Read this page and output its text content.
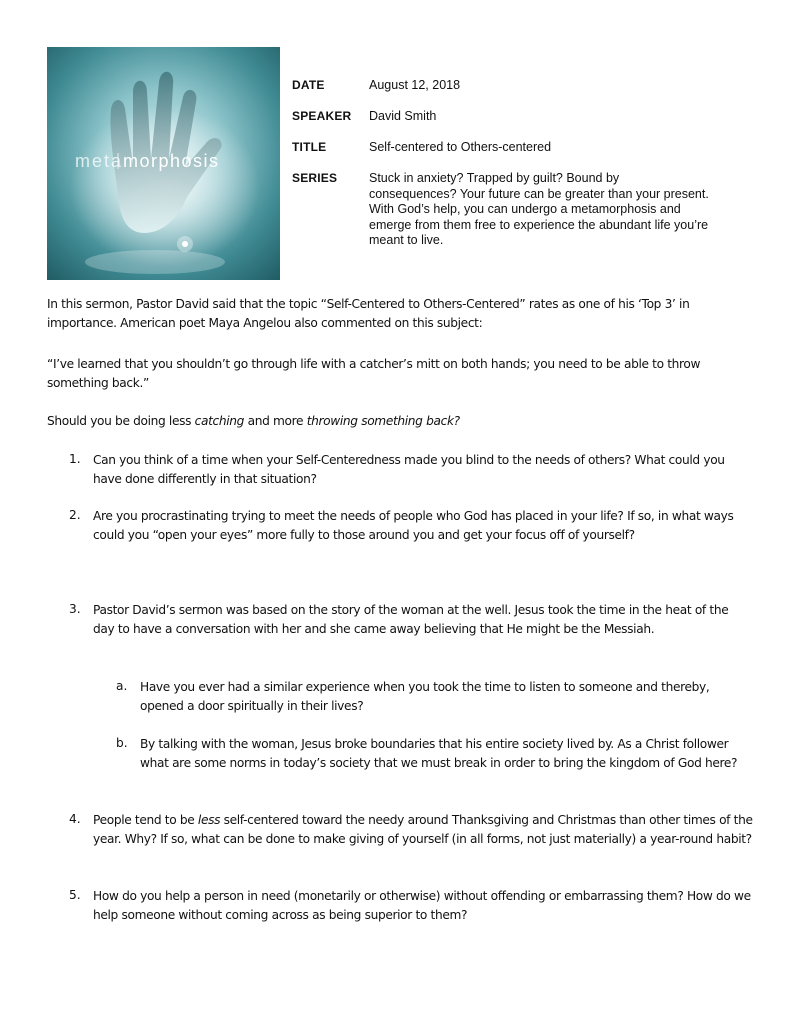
meta morphosis
DATE	August 12, 2018
SPEAKER David Smith
TITLE	Self-centered to Others-centered
SERIES	Stuck in anxiety? Trapped by guilt? Bound by consequences? Your future can be greater than your present. With God’s help, you can undergo a metamorphosis and emerge from them free to experience the abundant life you’re meant to live.
In this sermon, Pastor David said that the topic “Self-Centered to Others-Centered” rates as one of his ‘Top 3’ in importance. American poet Maya Angelou also commented on this subject:
“I’ve learned that you shouldn’t go through life with a catcher’s mitt on both hands; you need to be able to throw something back.”
Should you be doing less catching and more throwing something back?
1. Can you think of a time when your Self-Centeredness made you blind to the needs of others? What could you have done differently in that situation?
2. Are you procrastinating trying to meet the needs of people who God has placed in your life? If so, in what ways could you “open your eyes” more fully to those around you and get your focus off of yourself?
3. Pastor David’s sermon was based on the story of the woman at the well. Jesus took the time in the heat of the day to have a conversation with her and she came away believing that He might be the Messiah.
a. Have you ever had a similar experience when you took the time to listen to someone and thereby, opened a door spiritually in their lives?
b. By talking with the woman, Jesus broke boundaries that his entire society lived by. As a Christ follower what are some norms in today’s society that we must break in order to bring the kingdom of God here?
4. People tend to be less self-centered toward the needy around Thanksgiving and Christmas than other times of the year. Why? If so, what can be done to make giving of yourself (in all forms, not just materially) a year-round habit?
5. How do you help a person in need (monetarily or otherwise) without offending or embarrassing them? How do we help someone without coming across as being superior to them?
